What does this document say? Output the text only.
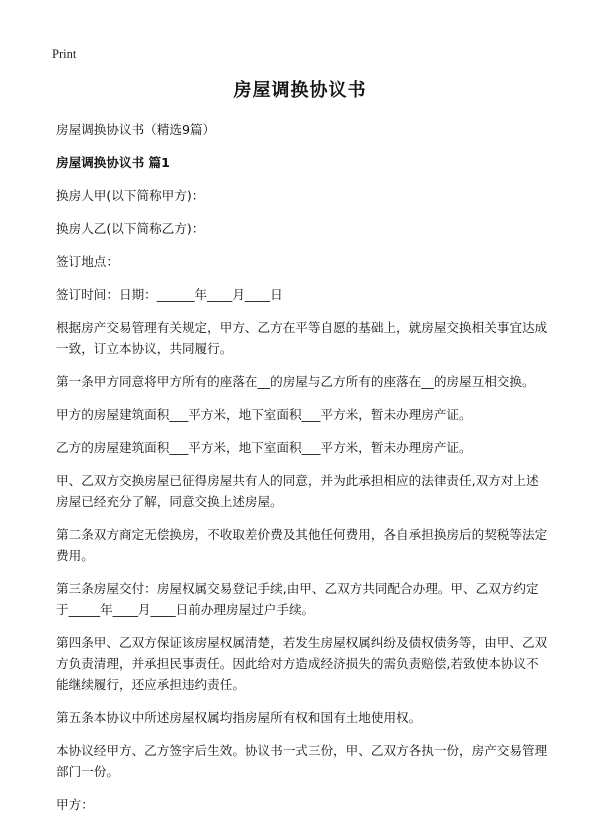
Print
房屋调换协议书

房屋调换协议书（精选9篇）

房屋调换协议书 篇1

换房人甲(以下简称甲方)：

换房人乙(以下简称乙方)：

签订地点：

签订时间：日期：______年____月____日

根据房产交易管理有关规定，甲方、乙方在平等自愿的基础上，就房屋交换相关事宜达成一致，订立本协议，共同履行。

第一条甲方同意将甲方所有的座落在__的房屋与乙方所有的座落在__的房屋互相交换。

甲方的房屋建筑面积___平方米，地下室面积___平方米，暂未办理房产证。

乙方的房屋建筑面积___平方米，地下室面积___平方米，暂未办理房产证。

甲、乙双方交换房屋已征得房屋共有人的同意，并为此承担相应的法律责任,双方对上述房屋已经充分了解，同意交换上述房屋。

第二条双方商定无偿换房，不收取差价费及其他任何费用，各自承担换房后的契税等法定费用。

第三条房屋交付：房屋权属交易登记手续,由甲、乙双方共同配合办理。甲、乙双方约定于_____年____月____日前办理房屋过户手续。

第四条甲、乙双方保证该房屋权属清楚，若发生房屋权属纠纷及债权债务等，由甲、乙双方负责清理，并承担民事责任。因此给对方造成经济损失的需负责赔偿,若致使本协议不能继续履行，还应承担违约责任。

第五条本协议中所述房屋权属均指房屋所有权和国有土地使用权。

本协议经甲方、乙方签字后生效。协议书一式三份，甲、乙双方各执一份，房产交易管理部门一份。

甲方：
